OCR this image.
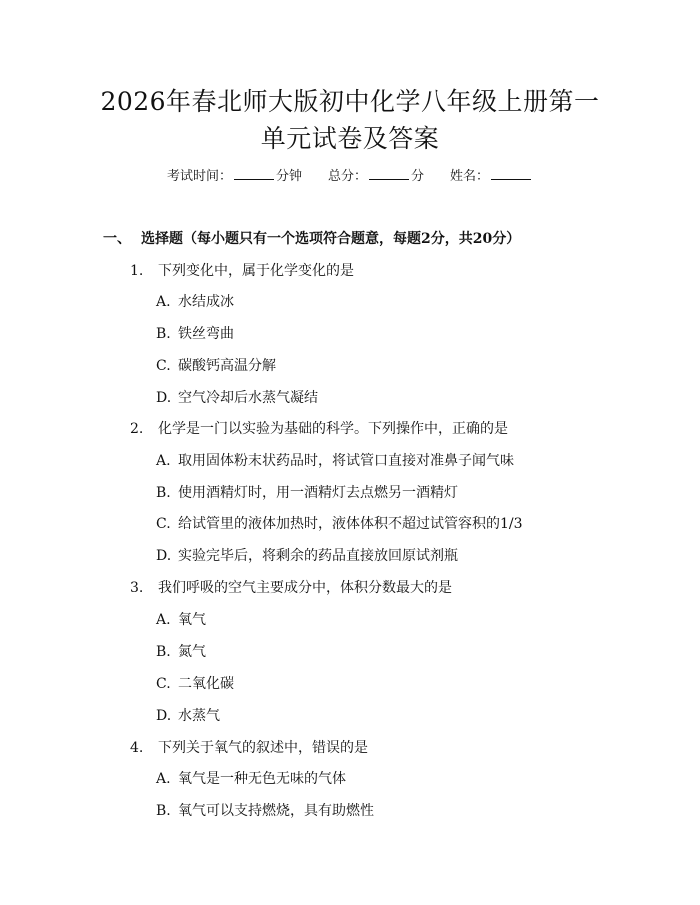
2026年春北师大版初中化学八年级上册第一
单元试卷及答案
考试时间：	分钟 总分：	分 姓名：
一、 选择题（每小题只有一个选项符合题意，每题2分，共20分）
1. 下列变化中，属于化学变化的是
A. 水结成冰
B. 铁丝弯曲
C. 碳酸钙高温分解
D. 空气冷却后水蒸气凝结
2. 化学是一门以实验为基础的科学。下列操作中，正确的是
A. 取用固体粉末状药品时，将试管口直接对准鼻子闻气味
B. 使用酒精灯时，用一酒精灯去点燃另一酒精灯
C. 给试管里的液体加热时，液体体积不超过试管容积的1/3
D. 实验完毕后，将剩余的药品直接放回原试剂瓶
3. 我们呼吸的空气主要成分中，体积分数最大的是
A. 氧气
B. 氮气
C. 二氧化碳
D. 水蒸气
4. 下列关于氧气的叙述中，错误的是
A. 氧气是一种无色无味的气体
B. 氧气可以支持燃烧，具有助燃性
